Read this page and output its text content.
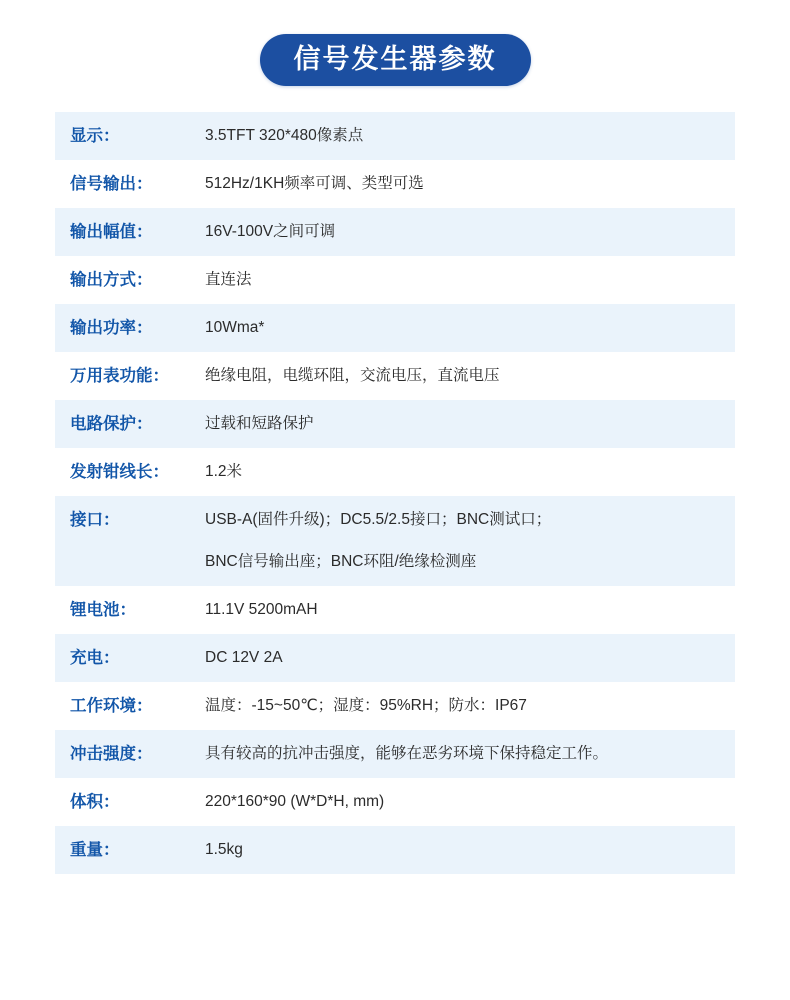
信号发生器参数
显示：	3.5TFT 320*480像素点
信号输出：	512Hz/1KH频率可调、类型可选
输出幅值：	16V-100V之间可调
输出方式：	直连法
输出功率：	10Wma*
万用表功能：	绝缘电阻，电缆环阻，交流电压，直流电压
电路保护：	过载和短路保护
发射钳线长：	1.2米
接口：	USB-A(固件升级)；DC5.5/2.5接口；BNC测试口；
BNC信号输出座；BNC环阻/绝缘检测座
锂电池：	11.1V 5200mAH
充电：	DC 12V 2A
工作环境：	温度：-15~50℃；湿度：95%RH；防水：IP67
冲击强度：	具有较高的抗冲击强度，能够在恶劣环境下保持稳定工作。
体积：	220*160*90 (W*D*H, mm)
重量：	1.5kg
